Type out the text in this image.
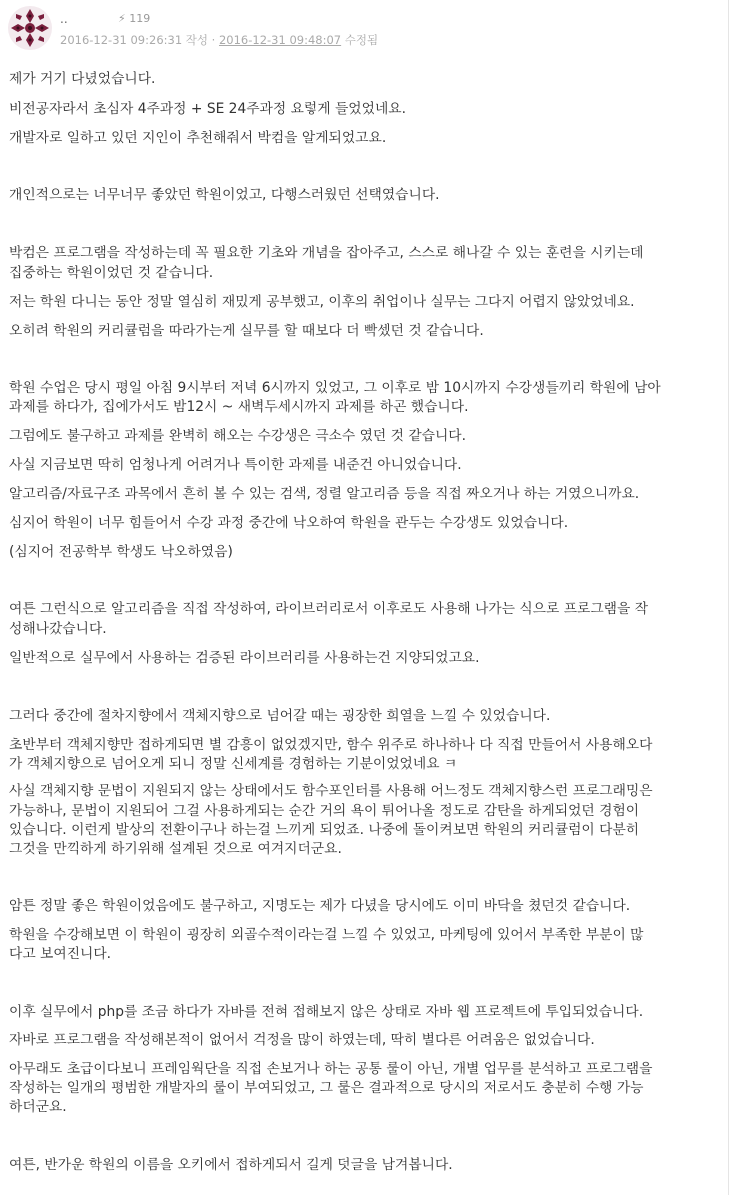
..	⚡ 119
2016-12-31 09:26:31 작성 · 2016-12-31 09:48:07 수정됨
제가 거기 다녔었습니다.
비전공자라서 초심자 4주과정 + SE 24주과정 요렇게 들었었네요.
개발자로 일하고 있던 지인이 추천해줘서 박컴을 알게되었고요.
개인적으로는 너무너무 좋았던 학원이었고, 다행스러웠던 선택였습니다.
박컴은 프로그램을 작성하는데 꼭 필요한 기초와 개념을 잡아주고, 스스로 해나갈 수 있는 훈련을 시키는데
집중하는 학원이었던 것 같습니다.
저는 학원 다니는 동안 정말 열심히 재밌게 공부했고, 이후의 취업이나 실무는 그다지 어렵지 않았었네요.
오히려 학원의 커리큘럼을 따라가는게 실무를 할 때보다 더 빡셌던 것 같습니다.
학원 수업은 당시 평일 아침 9시부터 저녁 6시까지 있었고, 그 이후로 밤 10시까지 수강생들끼리 학원에 남아
과제를 하다가, 집에가서도 밤12시 ~ 새벽두세시까지 과제를 하곤 했습니다.
그럼에도 불구하고 과제를 완벽히 해오는 수강생은 극소수 였던 것 같습니다.
사실 지금보면 딱히 엄청나게 어려거나 특이한 과제를 내준건 아니었습니다.
알고리즘/자료구조 과목에서 흔히 볼 수 있는 검색, 정렬 알고리즘 등을 직접 짜오거나 하는 거였으니까요.
심지어 학원이 너무 힘들어서 수강 과정 중간에 낙오하여 학원을 관두는 수강생도 있었습니다.
(심지어 전공학부 학생도 낙오하였음)
여튼 그런식으로 알고리즘을 직접 작성하여, 라이브러리로서 이후로도 사용해 나가는 식으로 프로그램을 작
성해나갔습니다.
일반적으로 실무에서 사용하는 검증된 라이브러리를 사용하는건 지양되었고요.
그러다 중간에 절차지향에서 객체지향으로 넘어갈 때는 굉장한 희열을 느낄 수 있었습니다.
초반부터 객체지향만 접하게되면 별 감흥이 없었겠지만, 함수 위주로 하나하나 다 직접 만들어서 사용해오다
가 객체지향으로 넘어오게 되니 정말 신세계를 경험하는 기분이었었네요 ㅋ
사실 객체지향 문법이 지원되지 않는 상태에서도 함수포인터를 사용해 어느정도 객체지향스런 프로그래밍은
가능하나, 문법이 지원되어 그걸 사용하게되는 순간 거의 욕이 튀어나올 정도로 감탄을 하게되었던 경험이
있습니다. 이런게 발상의 전환이구나 하는걸 느끼게 되었죠. 나중에 돌이켜보면 학원의 커리큘럼이 다분히
그것을 만끽하게 하기위해 설계된 것으로 여겨지더군요.
암튼 정말 좋은 학원이었음에도 불구하고, 지명도는 제가 다녔을 당시에도 이미 바닥을 쳤던것 같습니다.
학원을 수강해보면 이 학원이 굉장히 외골수적이라는걸 느낄 수 있었고, 마케팅에 있어서 부족한 부분이 많
다고 보여진니다.
이후 실무에서 php를 조금 하다가 자바를 전혀 접해보지 않은 상태로 자바 웹 프로젝트에 투입되었습니다.
자바로 프로그램을 작성해본적이 없어서 걱정을 많이 하였는데, 딱히 별다른 어려움은 없었습니다.
아무래도 초급이다보니 프레임웍단을 직접 손보거나 하는 공통 룰이 아닌, 개별 업무를 분석하고 프로그램을
작성하는 일개의 평범한 개발자의 룰이 부여되었고, 그 룰은 결과적으로 당시의 저로서도 충분히 수행 가능
하더군요.
여튼, 반가운 학원의 이름을 오키에서 접하게되서 길게 덧글을 남겨봅니다.
